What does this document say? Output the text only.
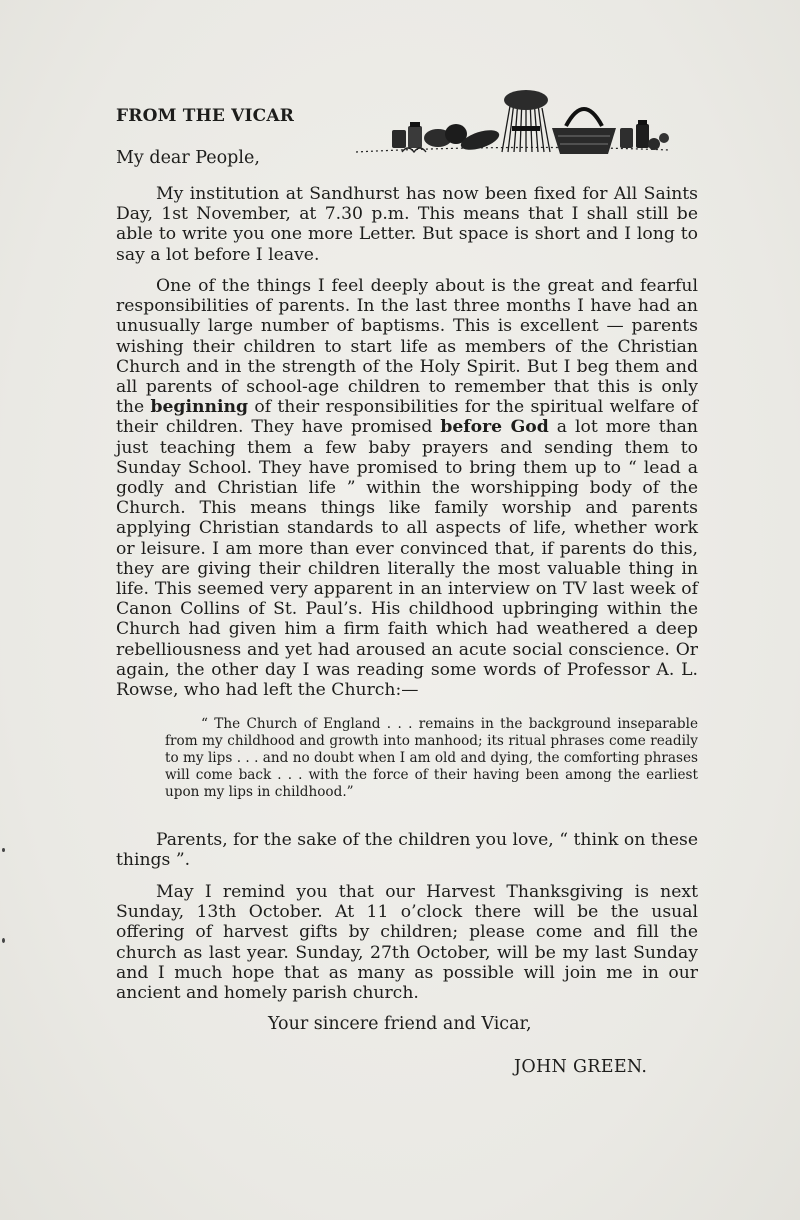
FROM THE VICAR
My dear People,

My institution at Sandhurst has now been fixed for All Saints Day, 1st November, at 7.30 p.m. This means that I shall still be able to write you one more Letter. But space is short and I long to say a lot before I leave.

One of the things I feel deeply about is the great and fearful responsibilities of parents. In the last three months I have had an unusually large number of baptisms. This is excellent — parents wishing their children to start life as members of the Christian Church and in the strength of the Holy Spirit. But I beg them and all parents of school-age children to remember that this is only the beginning of their responsibilities for the spiritual welfare of their children. They have promised before God a lot more than just teaching them a few baby prayers and sending them to Sunday School. They have promised to bring them up to “ lead a godly and Christian life ” within the worshipping body of the Church. This means things like family worship and parents applying Christian standards to all aspects of life, whether work or leisure. I am more than ever convinced that, if parents do this, they are giving their children literally the most valuable thing in life. This seemed very apparent in an interview on TV last week of Canon Collins of St. Paul’s. His childhood upbringing within the Church had given him a firm faith which had weathered a deep rebelliousness and yet had aroused an acute social conscience. Or again, the other day I was reading some words of Professor A. L. Rowse, who had left the Church:—

“ The Church of England . . . remains in the background inseparable from my childhood and growth into manhood; its ritual phrases come readily to my lips . . . and no doubt when I am old and dying, the comforting phrases will come back . . . with the force of their having been among the earliest upon my lips in childhood.”

Parents, for the sake of the children you love, “ think on these things ”.

May I remind you that our Harvest Thanksgiving is next Sunday, 13th October. At 11 o’clock there will be the usual offering of harvest gifts by children; please come and fill the church as last year. Sunday, 27th October, will be my last Sunday and I much hope that as many as possible will join me in our ancient and homely parish church.

Your sincere friend and Vicar,
JOHN GREEN.
